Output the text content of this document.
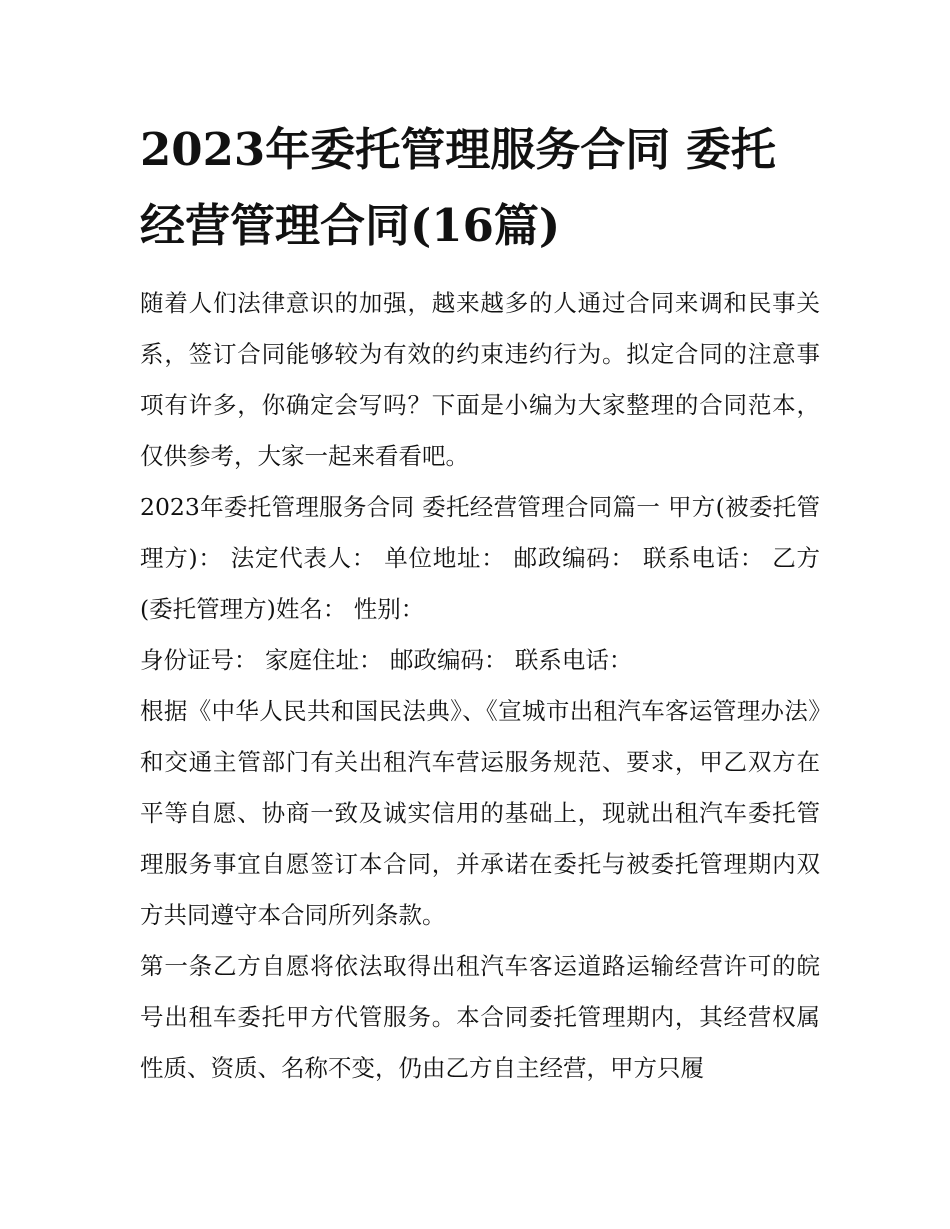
2023年委托管理服务合同 委托经营管理合同(16篇)

随着人们法律意识的加强，越来越多的人通过合同来调和民事关系，签订合同能够较为有效的约束违约行为。拟定合同的注意事项有许多，你确定会写吗？下面是小编为大家整理的合同范本，仅供参考，大家一起来看看吧。

2023年委托管理服务合同 委托经营管理合同篇一 甲方(被委托管理方)： 法定代表人： 单位地址： 邮政编码： 联系电话： 乙方(委托管理方)姓名： 性别：

身份证号： 家庭住址： 邮政编码： 联系电话：

根据《中华人民共和国民法典》、《宣城市出租汽车客运管理办法》和交通主管部门有关出租汽车营运服务规范、要求，甲乙双方在平等自愿、协商一致及诚实信用的基础上，现就出租汽车委托管理服务事宜自愿签订本合同，并承诺在委托与被委托管理期内双方共同遵守本合同所列条款。

第一条乙方自愿将依法取得出租汽车客运道路运输经营许可的皖号出租车委托甲方代管服务。本合同委托管理期内，其经营权属性质、资质、名称不变，仍由乙方自主经营，甲方只履
